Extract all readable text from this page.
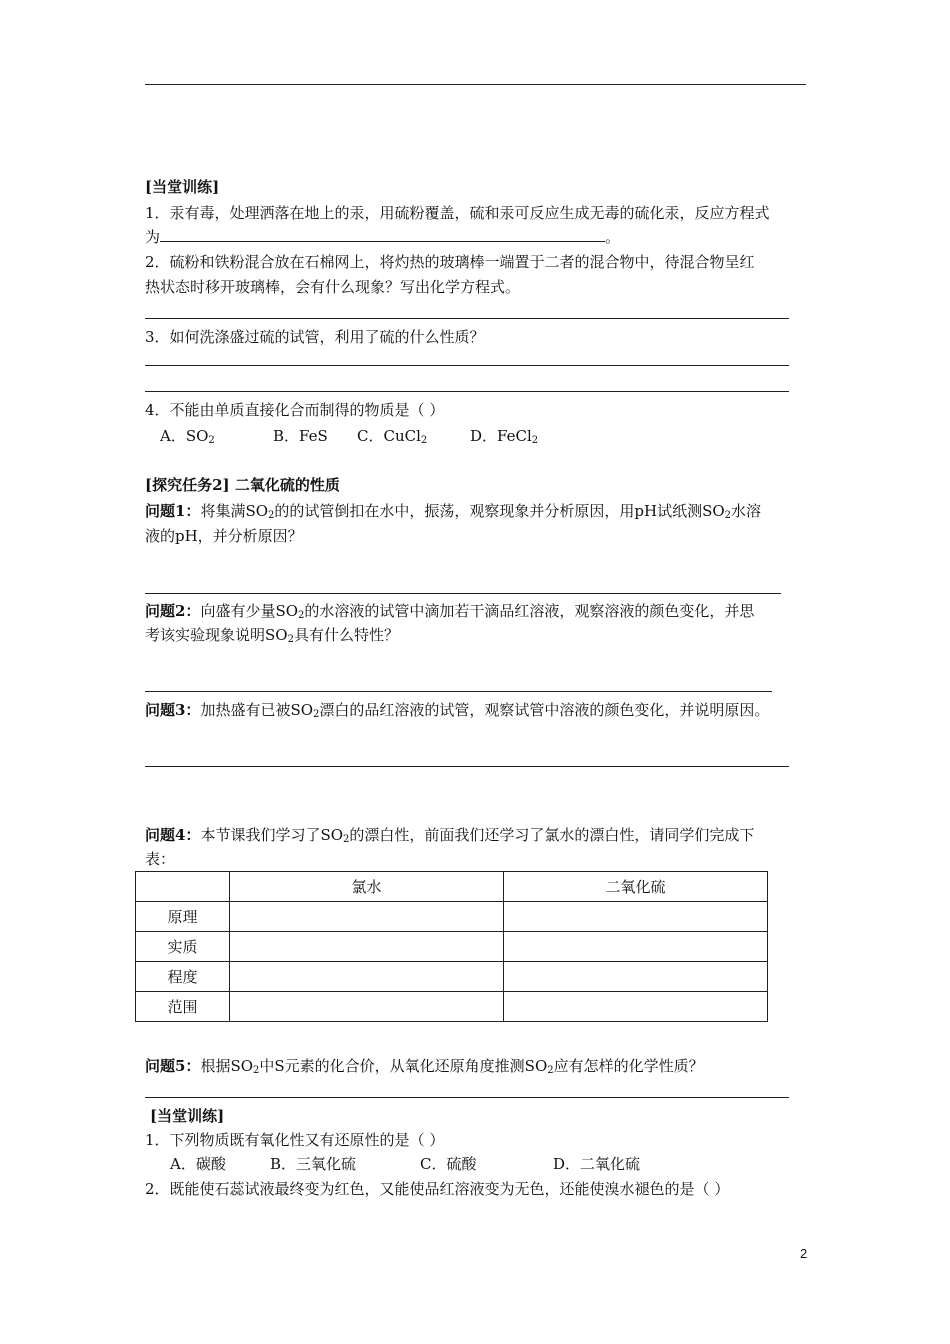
[当堂训练]
1．汞有毒，处理洒落在地上的汞，用硫粉覆盖，硫和汞可反应生成无毒的硫化汞，反应方程式
为	。
2．硫粉和铁粉混合放在石棉网上，将灼热的玻璃棒一端置于二者的混合物中，待混合物呈红
热状态时移开玻璃棒，会有什么现象？写出化学方程式。
3．如何洗涤盛过硫的试管，利用了硫的什么性质？
4．不能由单质直接化合而制得的物质是（ ）
A．$SO_2$	B．FeS C．CuCl$_2$	D．FeCl$_2$
[探究任务2] 二氧化硫的性质
问题1：将集满$SO_2$的的试管倒扣在水中，振荡，观察现象并分析原因，用pH试纸测$SO_2$水溶
液的pH，并分析原因？
问题2：向盛有少量$SO_2$的水溶液的试管中滴加若干滴品红溶液，观察溶液的颜色变化，并思
考该实验现象说明$SO_2$具有什么特性？
问题3：加热盛有已被$SO_2$漂白的品红溶液的试管，观察试管中溶液的颜色变化，并说明原因。
问题4：本节课我们学习了$SO_2$的漂白性，前面我们还学习了氯水的漂白性，请同学们完成下
表：
	氯水	二氧化硫
原理		
实质		
程度		
范围		
问题5：根据$SO_2$中S元素的化合价，从氧化还原角度推测$SO_2$应有怎样的化学性质？
[当堂训练]
1．下列物质既有氧化性又有还原性的是（ ）
A．碳酸	B．三氧化硫	C．硫酸	D．二氧化硫
2．既能使石蕊试液最终变为红色，又能使品红溶液变为无色，还能使溴水褪色的是（ ）
2
